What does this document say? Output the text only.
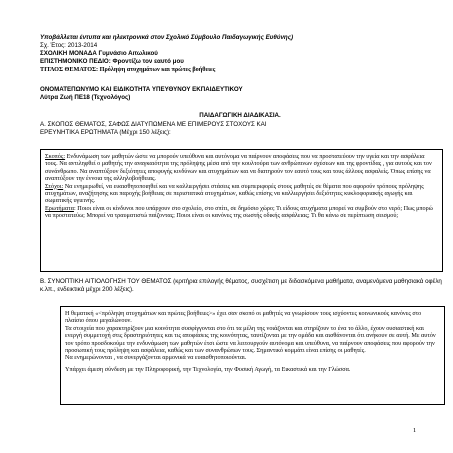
Υποβάλλεται έντυπα και ηλεκτρονικά στον Σχολικό Σύμβουλο Παιδαγωγικής Ευθύνης)

Σχ. Έτος: 2013-2014

ΣΧΟΛΙΚΗ ΜΟΝΑΔΑ Γυμνάσιο Αιτωλικού

ΕΠΙΣΤΗΜΟΝΙΚΟ ΠΕΔΙΟ: Φροντίζω τον εαυτό μου

ΤΙΤΛΟΣ ΘΕΜΑΤΟΣ: Πρόληψη ατυχημάτων και πρώτες βοήθειες

ΟΝΟΜΑΤΕΠΩΝΥΜΟ ΚΑΙ ΕΙΔΙΚΟΤΗΤΑ ΥΠΕΥΘΥΝΟΥ ΕΚΠΑΙΔΕΥΤΙΚΟΥ

Λύτρα Ζωή ΠΕ18 (Τεχνολόγος)

ΠΑΙΔΑΓΩΓΙΚΗ ΔΙΑΔΙΚΑΣΙΑ.

Α. ΣΚΟΠΟΣ ΘΕΜΑΤΟΣ, ΣΑΦΩΣ ΔΙΑΤΥΠΩΜΕΝΑ ΜΕ ΕΠΙΜΕΡΟΥΣ ΣΤΟΧΟΥΣ ΚΑΙ

ΕΡΕΥΝΗΤΙΚΑ ΕΡΩΤΗΜΑΤΑ (Μέχρι 150 λέξεις):

Σκοπός: Ενδυνάμωση των μαθητών ώστε να μπορούν υπεύθυνα και αυτόνομα να παίρνουν αποφάσεις που να προστατεύουν την υγεία και την ασφάλεια τους. Να αντιληφθεί ο μαθητής την αναγκαιότητα της πρόληψης μέσα από την κουλτούρα των ανθρώπινων σχέσεων και της φροντίδας , για αυτούς και τον συνάνθρωπο. Να αναπτύξουν δεξιότητες αποφυγής κινδύνων και ατυχημάτων και να διατηρούν τον εαυτό τους και τους άλλους ασφαλείς. Όπως επίσης να αναπτύξουν την έννοια της αλληλοβοήθειας.

Στόχοι: Να ενημερωθεί, να ευαισθητοποιηθεί και να καλλιεργήσει στάσεις και συμπεριφορές στους μαθητές σε θέματα που αφορούν τρόπους πρόληψης ατυχημάτων, αναζήτησης και παροχής βοήθειας σε περιστατικά ατυχημάτων, καθώς επίσης να καλλιεργήσει δεξιότητες κυκλοφοριακής αγωγής και σωματικής υγιεινής.

Ερωτήματα: Ποιοι είναι οι κίνδυνοι που υπάρχουν στο σχολείο, στο σπίτι, σε δημόσιο χώρο; Τι είδους ατυχήματα μπορεί να συμβούν στο νερό; Πως μπορώ να προστατεύω; Μπορεί να τραυματιστώ παίζοντας; Ποιοι είναι οι κανόνες της σωστής οδικής ασφάλειας; Τι θα κάνω σε περίπτωση σεισμού;

Β. ΣΥΝΟΠΤΙΚΗ ΑΙΤΙΟΛΟΓΗΣΗ ΤΟΥ ΘΕΜΑΤΟΣ (κριτήρια επιλογής θέματος, συσχέτιση με διδασκόμενα μαθήματα, αναμενόμενα μαθησιακά οφέλη κ.λπ., ενδεικτικά μέχρι 200 λέξεις).

Η θεματική «<πρόληψη ατυχημάτων και πρώτες βοήθειες>» έχει σαν σκοπό οι μαθητές να γνωρίσουν τους ισχύοντες κοινωνικούς κανόνες στο πλαίσιο όπου μεγαλώνουν.

Τα στοιχεία που χαρακτηρίζουν μια κοινότητα συσφίγγονται στο ότι τα μέλη της νοιάζονται και στηρίζουν το ένα το άλλο, έχουν ουσιαστική και ενεργή συμμετοχή στις δραστηριότητες και τις αποφάσεις της κοινότητας, ταυτίζονται με την ομάδα και αισθάνονται ότι ανήκουν σε αυτή. Με αυτόν τον τρόπο προσδοκούμε την ενδυνάμωση των μαθητών έτσι ώστε να λειτουργούν αυτόνομα και υπεύθυνα, να παίρνουν αποφάσεις που αφορούν την προσωπική τους πρόληψη και ασφάλεια, καθώς και των συνανθρώπων τους. Σημαντικό κομμάτι είναι επίσης οι μαθητές.

Να ενημερώνονται , να συνεργάζονται αρμονικά να ευαισθητοποιούνται.

Υπάρχει άμεση σύνδεση με την Πληροφορική, την Τεχνολογία, την Φυσική Αγωγή, τα Εικαστικά και την Γλώσσα.

1
